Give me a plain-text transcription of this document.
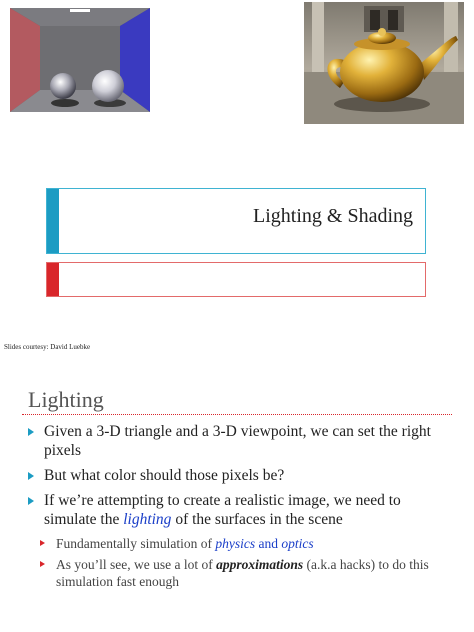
Lighting & Shading
Slides courtesy: David Luebke
Lighting
Given a 3-D triangle and a 3-D viewpoint, we can set the right pixels
But what color should those pixels be?
If we’re attempting to create a realistic image, we need to simulate the lighting of the surfaces in the scene
Fundamentally simulation of physics and optics
As you’ll see, we use a lot of approximations (a.k.a hacks) to do this simulation fast enough
